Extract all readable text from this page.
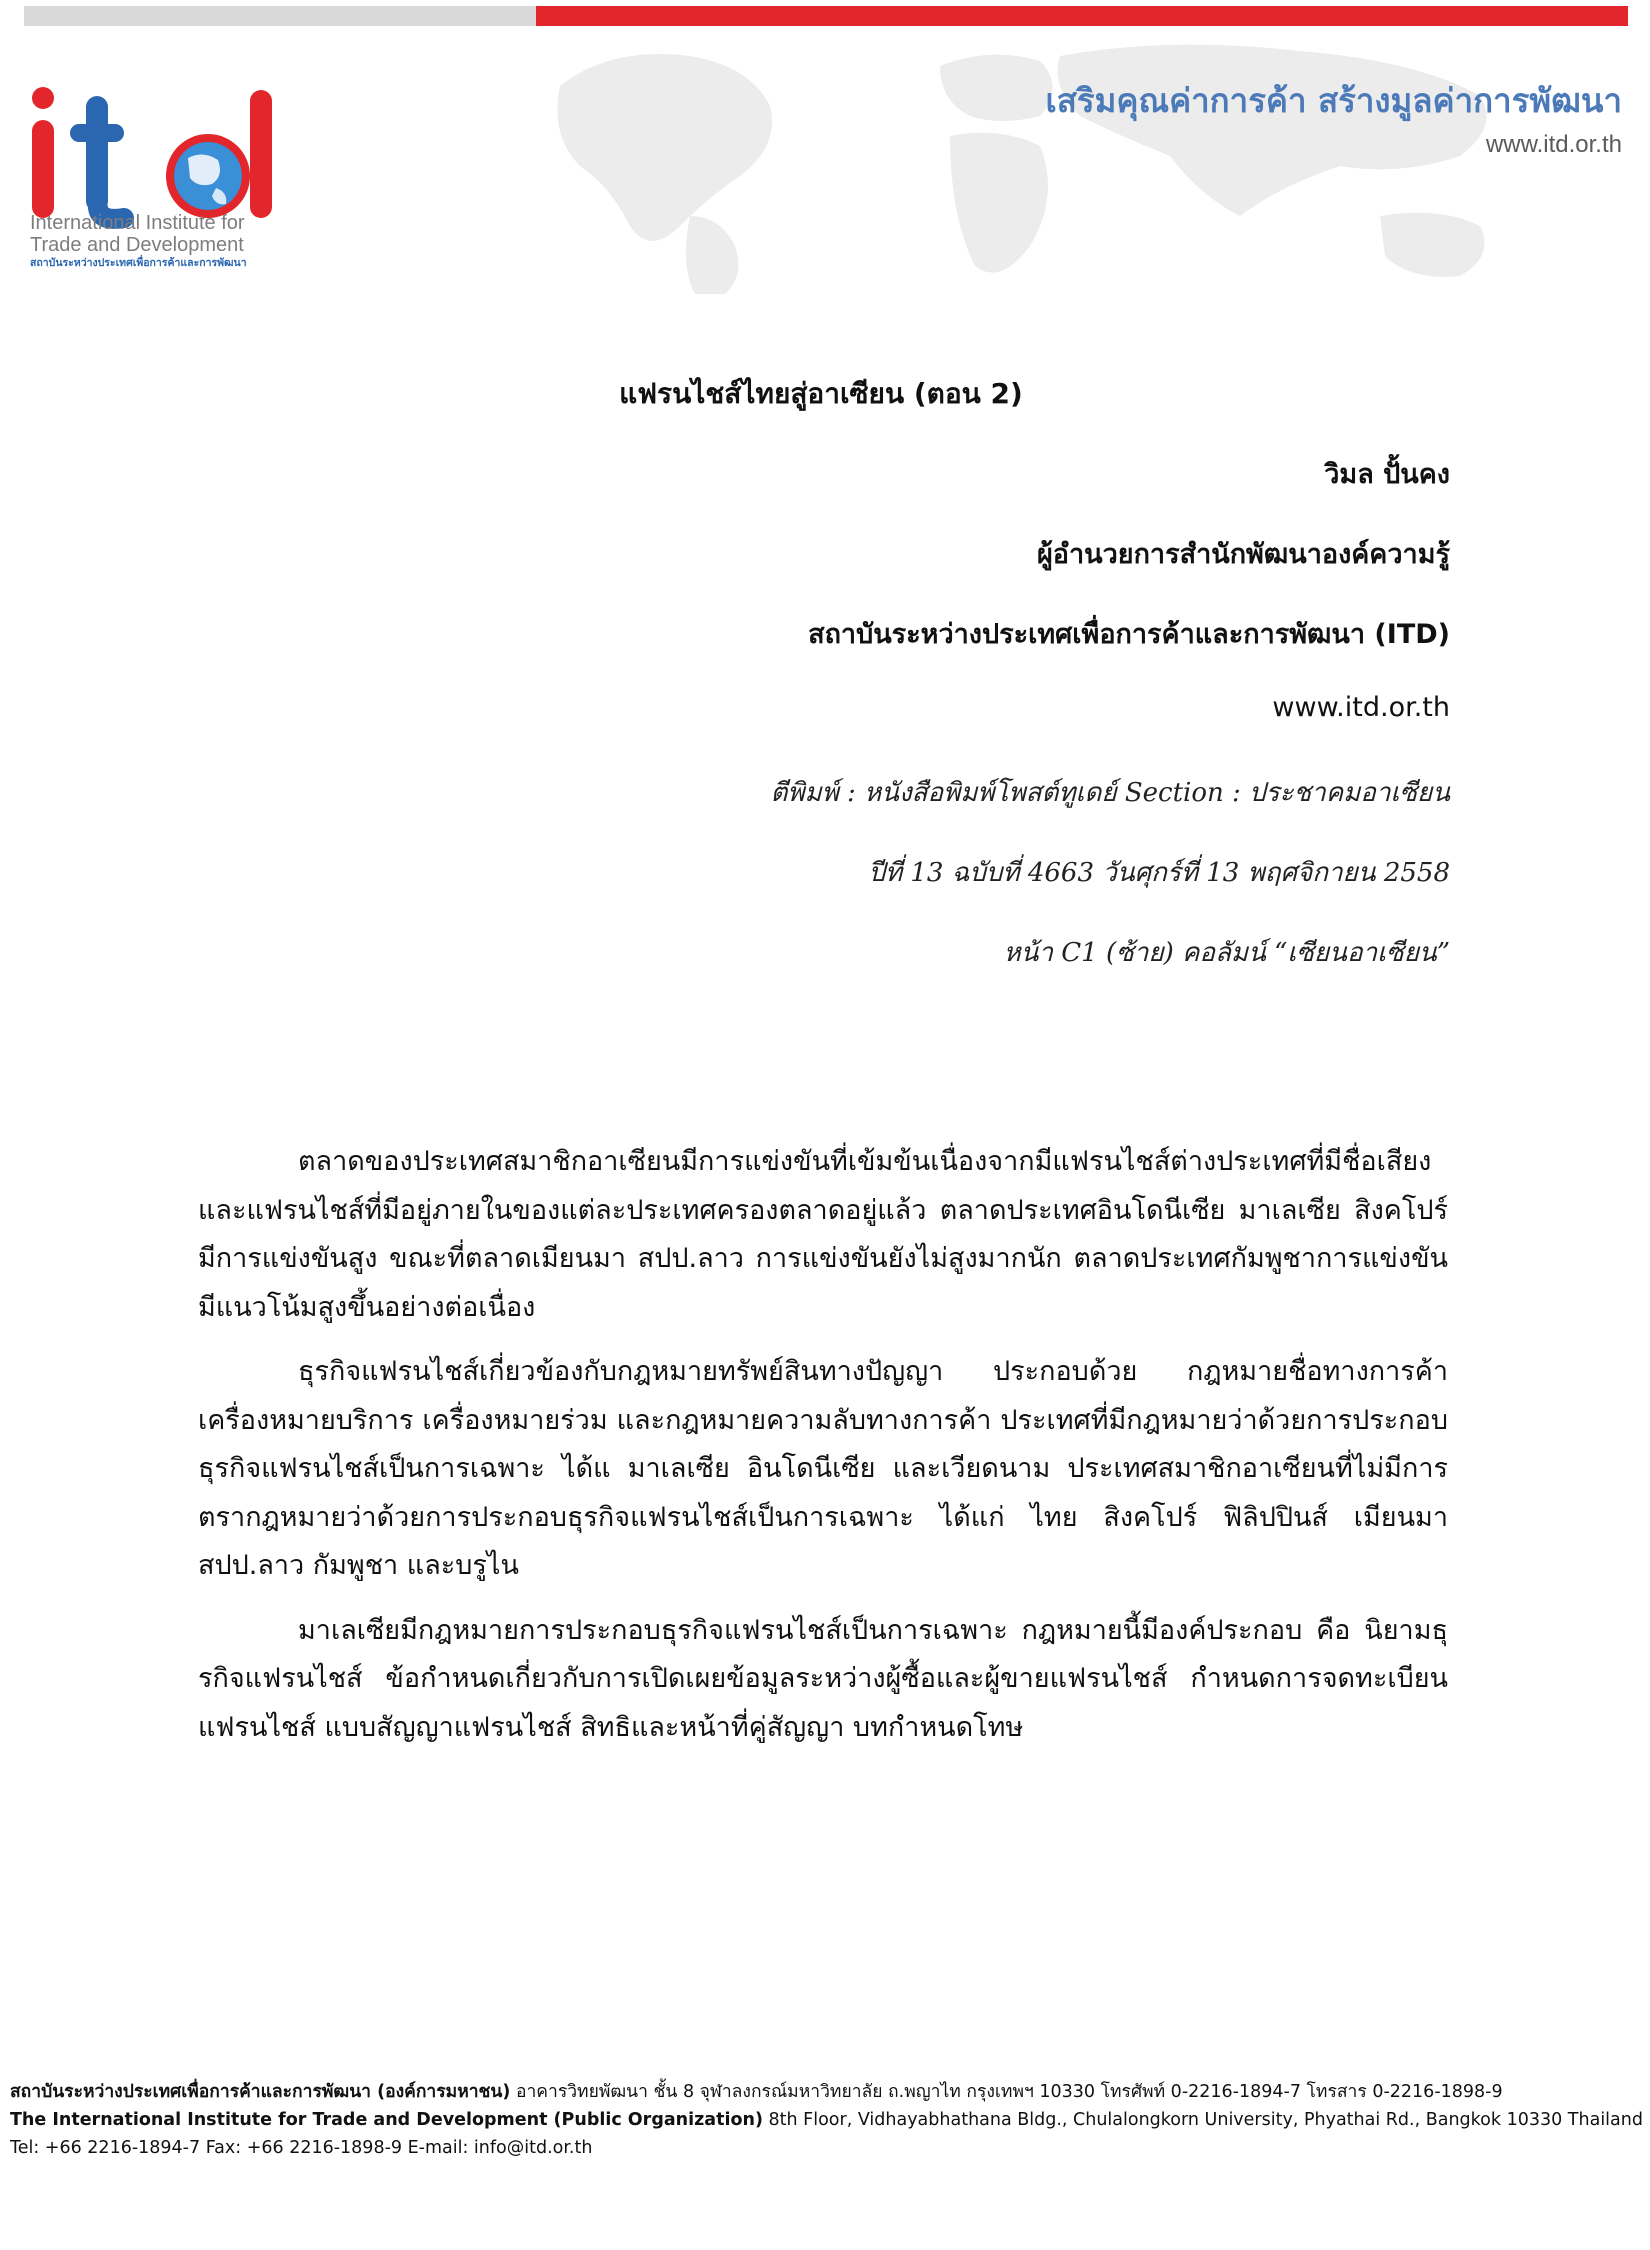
International Institute for
Trade and Development
สถาบันระหว่างประเทศเพื่อการค้าและการพัฒนา
เสริมคุณค่าการค้า สร้างมูลค่าการพัฒนา
www.itd.or.th
แฟรนไชส์ไทยสู่อาเซียน (ตอน 2)
วิมล ปั้นคง
ผู้อำนวยการสำนักพัฒนาองค์ความรู้
สถาบันระหว่างประเทศเพื่อการค้าและการพัฒนา (ITD)
www.itd.or.th
ตีพิมพ์ : หนังสือพิมพ์โพสต์ทูเดย์ Section : ประชาคมอาเซียน
ปีที่ 13 ฉบับที่ 4663 วันศุกร์ที่ 13 พฤศจิกายน 2558
หน้า C1 (ซ้าย) คอลัมน์ “เซียนอาเซียน”

ตลาดของประเทศสมาชิกอาเซียนมีการแข่งขันที่เข้มข้นเนื่องจากมีแฟรนไชส์ต่างประเทศที่มีชื่อเสียงและแฟรนไชส์ที่มีอยู่ภายในของแต่ละประเทศครองตลาดอยู่แล้ว ตลาดประเทศอินโดนีเซีย มาเลเซีย สิงคโปร์มีการแข่งขันสูง ขณะที่ตลาดเมียนมา สปป.ลาว การแข่งขันยังไม่สูงมากนัก ตลาดประเทศกัมพูชาการแข่งขันมีแนวโน้มสูงขึ้นอย่างต่อเนื่อง

ธุรกิจแฟรนไชส์เกี่ยวข้องกับกฎหมายทรัพย์สินทางปัญญา ประกอบด้วย กฎหมายชื่อทางการค้า เครื่องหมายบริการ เครื่องหมายร่วม และกฎหมายความลับทางการค้า ประเทศที่มีกฎหมายว่าด้วยการประกอบธุรกิจแฟรนไชส์เป็นการเฉพาะ ได้แ มาเลเซีย อินโดนีเซีย และเวียดนาม ประเทศสมาชิกอาเซียนที่ไม่มีการตรากฎหมายว่าด้วยการประกอบธุรกิจแฟรนไชส์เป็นการเฉพาะ ได้แก่ ไทย สิงคโปร์ ฟิลิปปินส์ เมียนมา สปป.ลาว กัมพูชา และบรูไน

มาเลเซียมีกฎหมายการประกอบธุรกิจแฟรนไชส์เป็นการเฉพาะ กฎหมายนี้มีองค์ประกอบ คือ นิยามธุรกิจแฟรนไชส์ ข้อกำหนดเกี่ยวกับการเปิดเผยข้อมูลระหว่างผู้ซื้อและผู้ขายแฟรนไชส์ กำหนดการจดทะเบียนแฟรนไชส์ แบบสัญญาแฟรนไชส์ สิทธิและหน้าที่คู่สัญญา บทกำหนดโทษ

สถาบันระหว่างประเทศเพื่อการค้าและการพัฒนา (องค์การมหาชน) อาคารวิทยพัฒนา ชั้น 8 จุฬาลงกรณ์มหาวิทยาลัย ถ.พญาไท กรุงเทพฯ 10330 โทรศัพท์ 0-2216-1894-7 โทรสาร 0-2216-1898-9
The International Institute for Trade and Development (Public Organization) 8th Floor, Vidhayabhathana Bldg., Chulalongkorn University, Phyathai Rd., Bangkok 10330 Thailand
Tel: +66 2216-1894-7 Fax: +66 2216-1898-9 E-mail: info@itd.or.th
